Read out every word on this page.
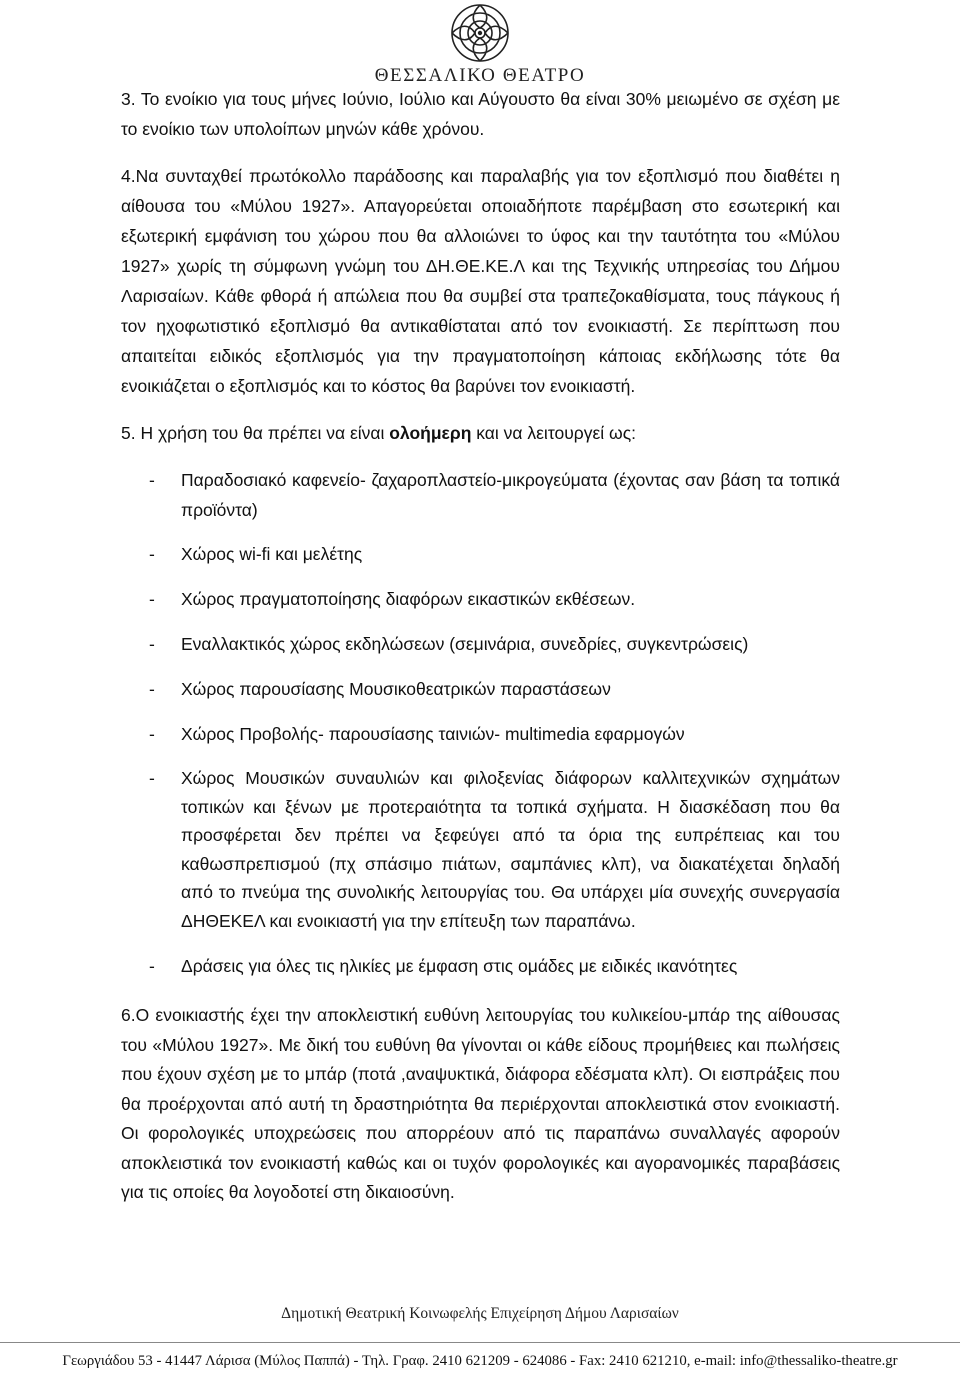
ΘΕΣΣΑΛΙΚΟ ΘΕΑΤΡΟ

3. Το ενοίκιο για τους μήνες Ιούνιο, Ιούλιο και Αύγουστο θα είναι 30% μειωμένο σε σχέση με το ενοίκιο των υπολοίπων μηνών κάθε χρόνου.

4.Να συνταχθεί πρωτόκολλο παράδοσης και παραλαβής για τον εξοπλισμό που διαθέτει η αίθουσα του «Μύλου 1927». Απαγορεύεται οποιαδήποτε παρέμβαση στο εσωτερική και εξωτερική εμφάνιση του χώρου που θα αλλοιώνει το ύφος και την ταυτότητα του «Μύλου 1927» χωρίς τη σύμφωνη γνώμη του ΔΗ.ΘΕ.ΚΕ.Λ και της Τεχνικής υπηρεσίας του Δήμου Λαρισαίων. Κάθε φθορά ή απώλεια που θα συμβεί στα τραπεζοκαθίσματα, τους πάγκους ή τον ηχοφωτιστικό εξοπλισμό θα αντικαθίσταται από τον ενοικιαστή. Σε περίπτωση που απαιτείται ειδικός εξοπλισμός για την πραγματοποίηση κάποιας εκδήλωσης τότε θα ενοικιάζεται ο εξοπλισμός και το κόστος θα βαρύνει τον ενοικιαστή.

5. Η χρήση του θα πρέπει να είναι ολοήμερη και να λειτουργεί ως:

- Παραδοσιακό καφενείο- ζαχαροπλαστείο-μικρογεύματα (έχοντας σαν βάση τα τοπικά προϊόντα)
- Χώρος wi-fi και μελέτης
- Χώρος πραγματοποίησης διαφόρων εικαστικών εκθέσεων.
- Εναλλακτικός χώρος εκδηλώσεων (σεμινάρια, συνεδρίες, συγκεντρώσεις)
- Χώρος παρουσίασης Μουσικοθεατρικών παραστάσεων
- Χώρος Προβολής- παρουσίασης ταινιών- multimedia εφαρμογών
- Χώρος Μουσικών συναυλιών και φιλοξενίας διάφορων καλλιτεχνικών σχημάτων τοπικών και ξένων με προτεραιότητα τα τοπικά σχήματα. Η διασκέδαση που θα προσφέρεται δεν πρέπει να ξεφεύγει από τα όρια της ευπρέπειας και του καθωσπρεπισμού (πχ σπάσιμο πιάτων, σαμπάνιες κλπ), να διακατέχεται δηλαδή από το πνεύμα της συνολικής λειτουργίας του. Θα υπάρχει μία συνεχής συνεργασία ΔΗΘΕΚΕΛ και ενοικιαστή για την επίτευξη των παραπάνω.
- Δράσεις για όλες τις ηλικίες με έμφαση στις ομάδες με ειδικές ικανότητες

6.Ο ενοικιαστής έχει την αποκλειστική ευθύνη λειτουργίας του κυλικείου-μπάρ της αίθουσας του «Μύλου 1927». Με δική του ευθύνη θα γίνονται οι κάθε είδους προμήθειες και πωλήσεις που έχουν σχέση με το μπάρ (ποτά ,αναψυκτικά, διάφορα εδέσματα κλπ). Οι εισπράξεις που θα προέρχονται από αυτή τη δραστηριότητα θα περιέρχονται αποκλειστικά στον ενοικιαστή. Οι φορολογικές υποχρεώσεις που απορρέουν από τις παραπάνω συναλλαγές αφορούν αποκλειστικά τον ενοικιαστή καθώς και οι τυχόν φορολογικές και αγορανομικές παραβάσεις για τις οποίες θα λογοδοτεί στη δικαιοσύνη.

Δημοτική Θεατρική Κοινωφελής Επιχείρηση Δήμου Λαρισαίων
Γεωργιάδου 53 - 41447 Λάρισα (Μύλος Παππά) - Τηλ. Γραφ. 2410 621209 - 624086 - Fax: 2410 621210, e-mail: info@thessaliko-theatre.gr
